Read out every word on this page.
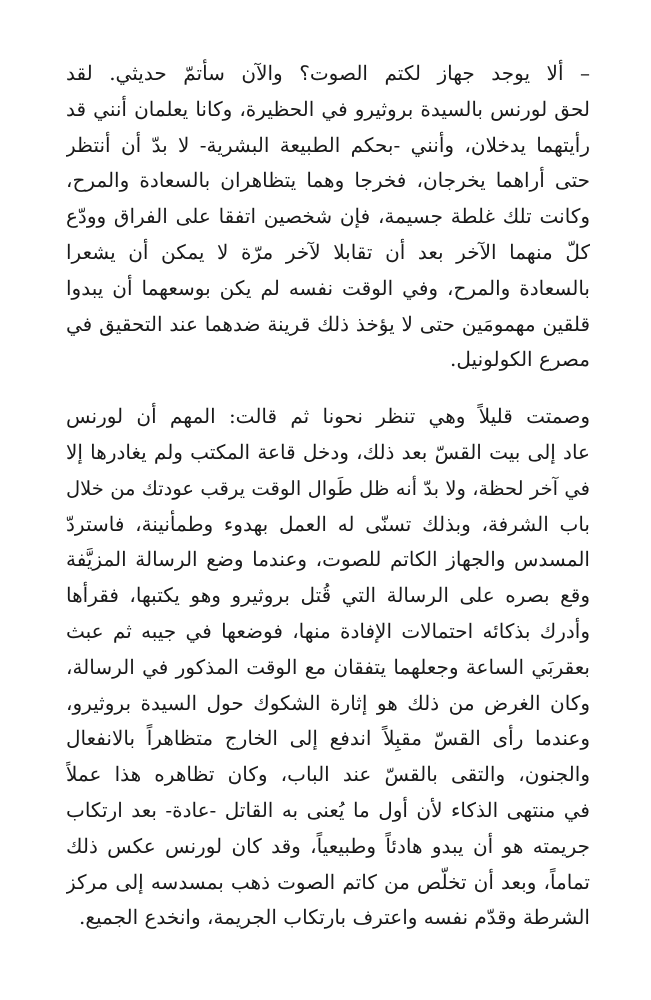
– ألا يوجد جهاز لكتم الصوت؟ والآن سأتمّ حديثي. لقد
لحق لورنس بالسيدة بروثيرو في الحظيرة، وكانا يعلمان أنني قد
رأيتهما يدخلان، وأنني -بحكم الطبيعة البشرية- لا بدّ أن أنتظر
حتى أراهما يخرجان، فخرجا وهما يتظاهران بالسعادة والمرح،
وكانت تلك غلطة جسيمة، فإن شخصين اتفقا على الفراق وودّع
كلّ منهما الآخر بعد أن تقابلا لآخر مرّة لا يمكن أن يشعرا
بالسعادة والمرح، وفي الوقت نفسه لم يكن بوسعهما أن يبدوا
قلقين مهمومَين حتى لا يؤخذ ذلك قرينة ضدهما عند التحقيق في
مصرع الكولونيل.
وصمتت قليلاً وهي تنظر نحونا ثم قالت: المهم أن لورنس
عاد إلى بيت القسّ بعد ذلك، ودخل قاعة المكتب ولم يغادرها إلا
في آخر لحظة، ولا بدّ أنه ظل طَوال الوقت يرقب عودتك من خلال
باب الشرفة، وبذلك تسنّى له العمل بهدوء وطمأنينة، فاستردّ
المسدس والجهاز الكاتم للصوت، وعندما وضع الرسالة المزيَّفة
وقع بصره على الرسالة التي قُتل بروثيرو وهو يكتبها، فقرأها
وأدرك بذكائه احتمالات الإفادة منها، فوضعها في جيبه ثم عبث
بعقربَي الساعة وجعلهما يتفقان مع الوقت المذكور في الرسالة،
وكان الغرض من ذلك هو إثارة الشكوك حول السيدة بروثيرو،
وعندما رأى القسّ مقبِلاً اندفع إلى الخارج متظاهراً بالانفعال
والجنون، والتقى بالقسّ عند الباب، وكان تظاهره هذا عملاً
في منتهى الذكاء لأن أول ما يُعنى به القاتل -عادة- بعد ارتكاب
جريمته هو أن يبدو هادئاً وطبيعياً، وقد كان لورنس عكس ذلك
تماماً، وبعد أن تخلّص من كاتم الصوت ذهب بمسدسه إلى مركز
الشرطة وقدّم نفسه واعترف بارتكاب الجريمة، وانخدع الجميع.
